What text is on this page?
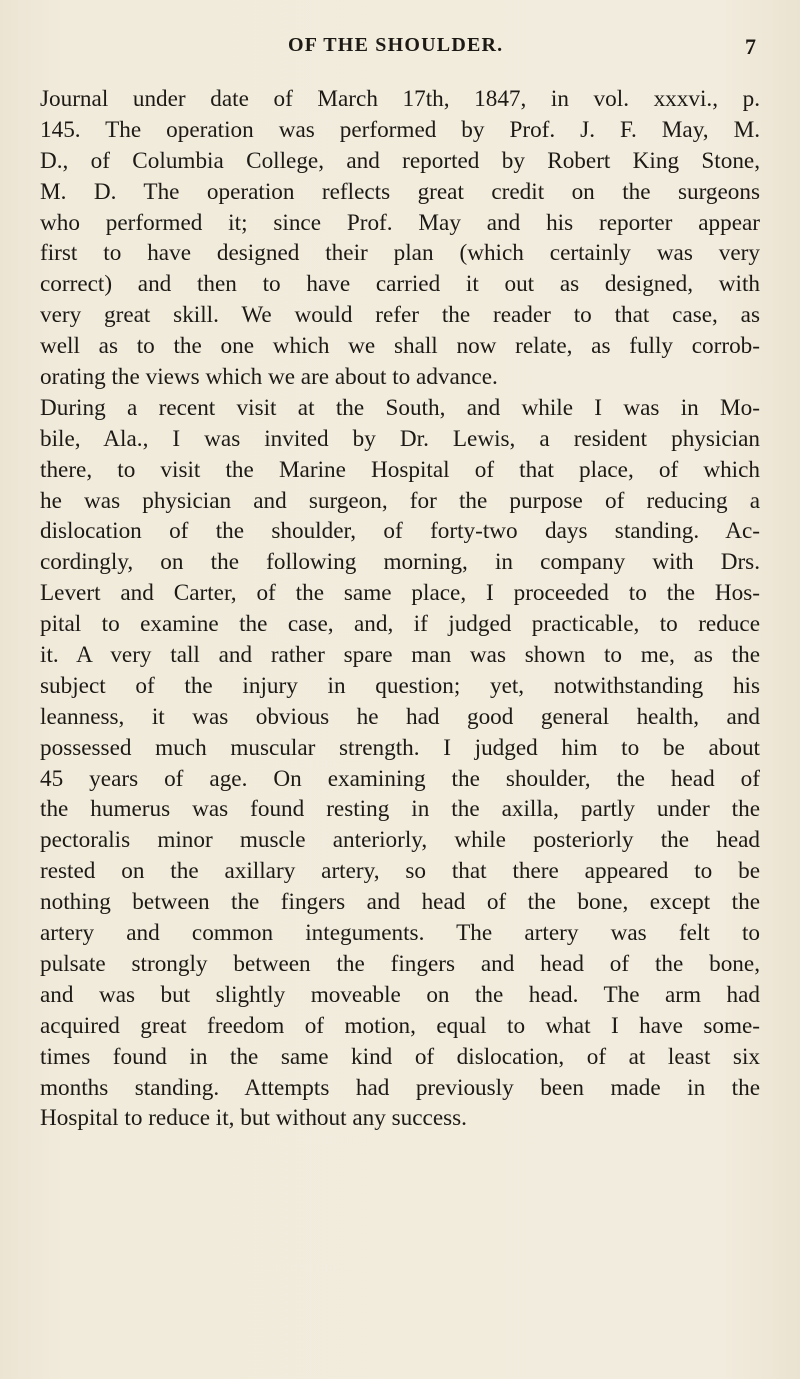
OF THE SHOULDER.	7
Journal under date of March 17th, 1847, in vol. xxxvi., p.
145. The operation was performed by Prof. J. F. May, M.
D., of Columbia College, and reported by Robert King Stone,
M. D. The operation reflects great credit on the surgeons
who performed it; since Prof. May and his reporter appear
first to have designed their plan (which certainly was very
correct) and then to have carried it out as designed, with
very great skill. We would refer the reader to that case, as
well as to the one which we shall now relate, as fully corrob-
orating the views which we are about to advance.
During a recent visit at the South, and while I was in Mo-
bile, Ala., I was invited by Dr. Lewis, a resident physician
there, to visit the Marine Hospital of that place, of which
he was physician and surgeon, for the purpose of reducing a
dislocation of the shoulder, of forty-two days standing. Ac-
cordingly, on the following morning, in company with Drs.
Levert and Carter, of the same place, I proceeded to the Hos-
pital to examine the case, and, if judged practicable, to reduce
it. A very tall and rather spare man was shown to me, as the
subject of the injury in question; yet, notwithstanding his
leanness, it was obvious he had good general health, and
possessed much muscular strength. I judged him to be about
45 years of age. On examining the shoulder, the head of
the humerus was found resting in the axilla, partly under the
pectoralis minor muscle anteriorly, while posteriorly the head
rested on the axillary artery, so that there appeared to be
nothing between the fingers and head of the bone, except the
artery and common integuments. The artery was felt to
pulsate strongly between the fingers and head of the bone,
and was but slightly moveable on the head. The arm had
acquired great freedom of motion, equal to what I have some-
times found in the same kind of dislocation, of at least six
months standing. Attempts had previously been made in the
Hospital to reduce it, but without any success.
